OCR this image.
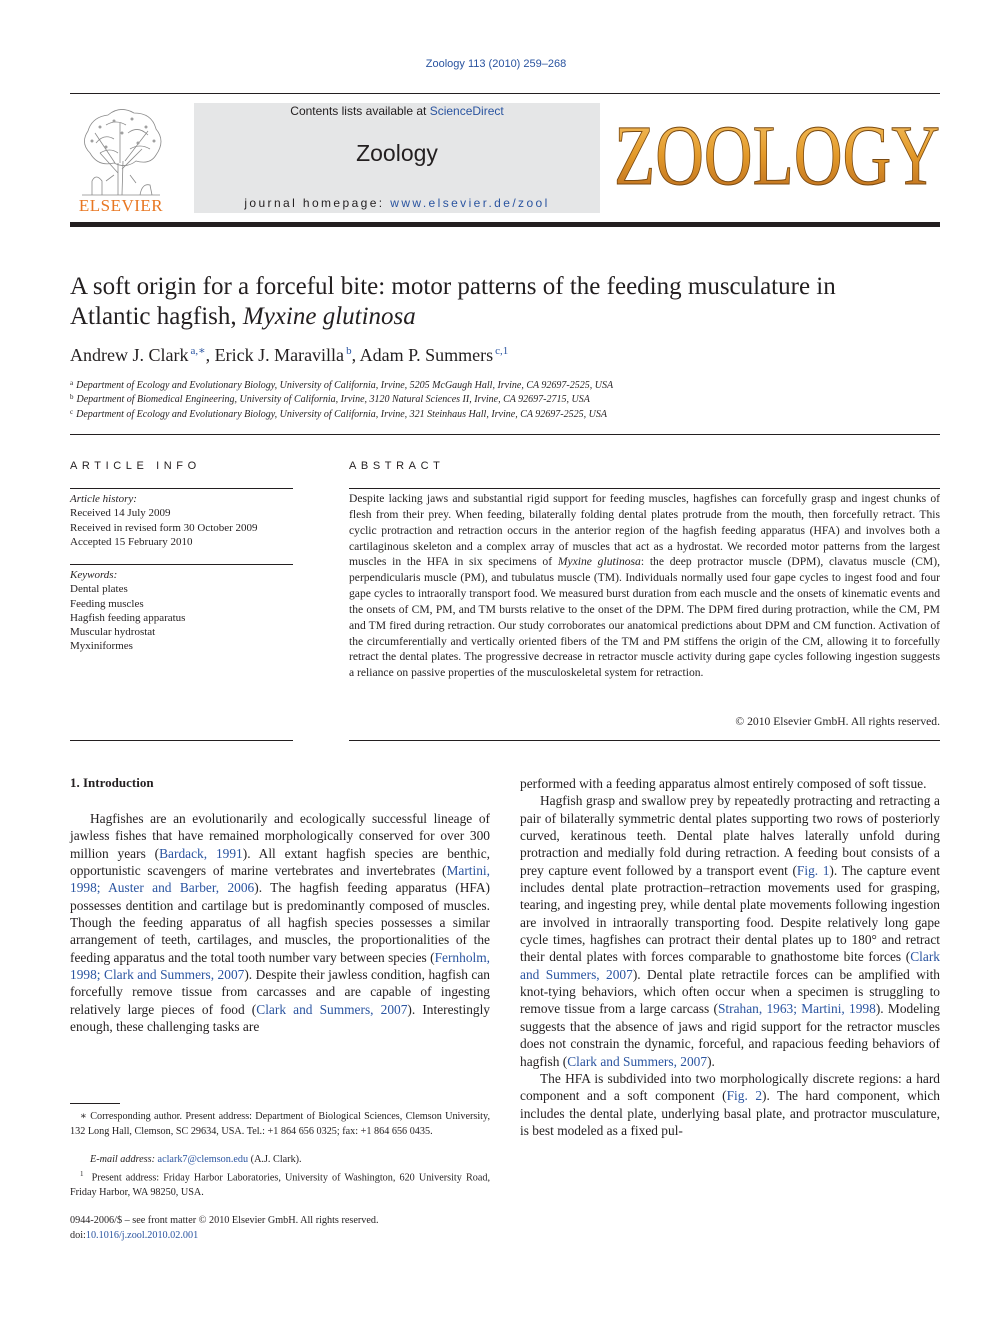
Zoology 113 (2010) 259–268
ELSEVIER
Contents lists available at ScienceDirect
Zoology
journal homepage: www.elsevier.de/zool ZOOLOGY
A soft origin for a forceful bite: motor patterns of the feeding musculature in
Atlantic hagfish, Myxine glutinosa
Andrew J. Clark $^{a,∗}$, Erick J. Maravilla $^b$, Adam P. Summers $^{c,1}$
$^a$ Department of Ecology and Evolutionary Biology, University of California, Irvine, 5205 McGaugh Hall, Irvine, CA 92697-2525, USA
$^b$ Department of Biomedical Engineering, University of California, Irvine, 3120 Natural Sciences II, Irvine, CA 92697-2715, USA
$^c$ Department of Ecology and Evolutionary Biology, University of California, Irvine, 321 Steinhaus Hall, Irvine, CA 92697-2525, USA
ARTICLE INFO	ABSTRACT
Article history:
Received 14 July 2009
Received in revised form 30 October 2009
Accepted 15 February 2010
Keywords:
Dental plates
Feeding muscles
Hagfish feeding apparatus
Muscular hydrostat
Myxiniformes
Despite lacking jaws and substantial rigid support for feeding muscles, hagfishes can forcefully grasp and ingest chunks of flesh from their prey. When feeding, bilaterally folding dental plates protrude from the mouth, then forcefully retract. This cyclic protraction and retraction occurs in the anterior region of the hagfish feeding apparatus (HFA) and involves both a cartilaginous skeleton and a complex array of muscles that act as a hydrostat. We recorded motor patterns from the largest muscles in the HFA in six specimens of Myxine glutinosa: the deep protractor muscle (DPM), clavatus muscle (CM), perpendicularis muscle (PM), and tubulatus muscle (TM). Individuals normally used four gape cycles to ingest food and four gape cycles to intraorally transport food. We measured burst duration from each muscle and the onsets of kinematic events and the onsets of CM, PM, and TM bursts relative to the onset of the DPM. The DPM fired during protraction, while the CM, PM and TM fired during retraction. Our study corroborates our anatomical predictions about DPM and CM function. Activation of the circumferentially and vertically oriented fibers of the TM and PM stiffens the origin of the CM, allowing it to forcefully retract the dental plates. The progressive decrease in retractor muscle activity during gape cycles following ingestion suggests a reliance on passive properties of the musculoskeletal system for retraction.
© 2010 Elsevier GmbH. All rights reserved.
1. Introduction

Hagfishes are an evolutionarily and ecologically successful lineage of jawless fishes that have remained morphologically conserved for over 300 million years (Bardack, 1991). All extant hagfish species are benthic, opportunistic scavengers of marine vertebrates and invertebrates (Martini, 1998; Auster and Barber, 2006). The hagfish feeding apparatus (HFA) possesses dentition and cartilage but is predominantly composed of muscles. Though the feeding apparatus of all hagfish species possesses a similar arrangement of teeth, cartilages, and muscles, the proportionalities of the feeding apparatus and the total tooth number vary between species (Fernholm, 1998; Clark and Summers, 2007). Despite their jawless condition, hagfish can forcefully remove tissue from carcasses and are capable of ingesting relatively large pieces of food (Clark and Summers, 2007). Interestingly enough, these challenging tasks are

performed with a feeding apparatus almost entirely composed of soft tissue.

Hagfish grasp and swallow prey by repeatedly protracting and retracting a pair of bilaterally symmetric dental plates supporting two rows of posteriorly curved, keratinous teeth. Dental plate halves laterally unfold during protraction and medially fold during retraction. A feeding bout consists of a prey capture event followed by a transport event (Fig. 1). The capture event includes dental plate protraction–retraction movements used for grasping, tearing, and ingesting prey, while dental plate movements following ingestion are involved in intraorally transporting food. Despite relatively long gape cycle times, hagfishes can protract their dental plates up to 180° and retract their dental plates with forces comparable to gnathostome bite forces (Clark and Summers, 2007). Dental plate retractile forces can be amplified with knot-tying behaviors, which often occur when a specimen is struggling to remove tissue from a large carcass (Strahan, 1963; Martini, 1998). Modeling suggests that the absence of jaws and rigid support for the retractor muscles does not constrain the dynamic, forceful, and rapacious feeding behaviors of hagfish (Clark and Summers, 2007).

The HFA is subdivided into two morphologically discrete regions: a hard component and a soft component (Fig. 2). The hard component, which includes the dental plate, underlying basal plate, and protractor musculature, is best modeled as a fixed pul-

∗ Corresponding author. Present address: Department of Biological Sciences, Clemson University, 132 Long Hall, Clemson, SC 29634, USA. Tel.: +1 864 656 0325; fax: +1 864 656 0435.
E-mail address: aclark7@clemson.edu (A.J. Clark).
$^1$ Present address: Friday Harbor Laboratories, University of Washington, 620 University Road, Friday Harbor, WA 98250, USA.
0944-2006/$ – see front matter © 2010 Elsevier GmbH. All rights reserved.
doi:10.1016/j.zool.2010.02.001
